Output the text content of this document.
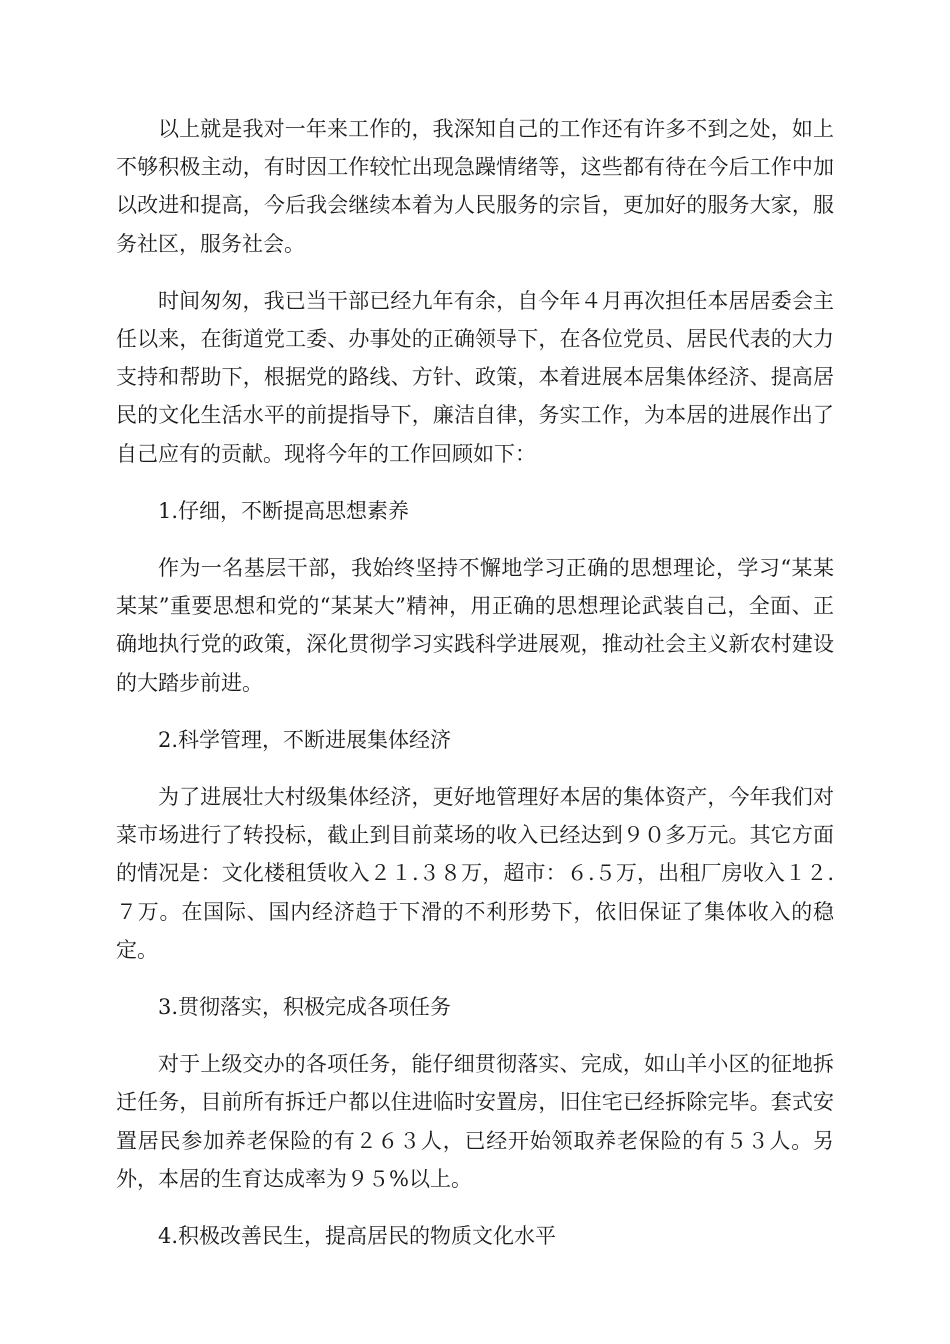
以上就是我对一年来工作的，我深知自己的工作还有许多不到之处，如上不够积极主动，有时因工作较忙出现急躁情绪等，这些都有待在今后工作中加以改进和提高，今后我会继续本着为人民服务的宗旨，更加好的服务大家，服务社区，服务社会。

时间匆匆，我已当干部已经九年有余，自今年４月再次担任本居居委会主任以来，在街道党工委、办事处的正确领导下，在各位党员、居民代表的大力支持和帮助下，根据党的路线、方针、政策，本着进展本居集体经济、提高居民的文化生活水平的前提指导下，廉洁自律，务实工作，为本居的进展作出了自己应有的贡献。现将今年的工作回顾如下：

1.仔细，不断提高思想素养

作为一名基层干部，我始终坚持不懈地学习正确的思想理论，学习“某某某某”重要思想和党的“某某大”精神，用正确的思想理论武装自己，全面、正确地执行党的政策，深化贯彻学习实践科学进展观，推动社会主义新农村建设的大踏步前进。

2.科学管理，不断进展集体经济

为了进展壮大村级集体经济，更好地管理好本居的集体资产，今年我们对菜市场进行了转投标，截止到目前菜场的收入已经达到９０多万元。其它方面的情况是：文化楼租赁收入２１.３８万，超市：６.５万，出租厂房收入１２.７万。在国际、国内经济趋于下滑的不利形势下，依旧保证了集体收入的稳定。

3.贯彻落实，积极完成各项任务

对于上级交办的各项任务，能仔细贯彻落实、完成，如山羊小区的征地拆迁任务，目前所有拆迁户都以住进临时安置房，旧住宅已经拆除完毕。套式安置居民参加养老保险的有２６３人，已经开始领取养老保险的有５３人。另外，本居的生育达成率为９５%以上。

4.积极改善民生，提高居民的物质文化水平
